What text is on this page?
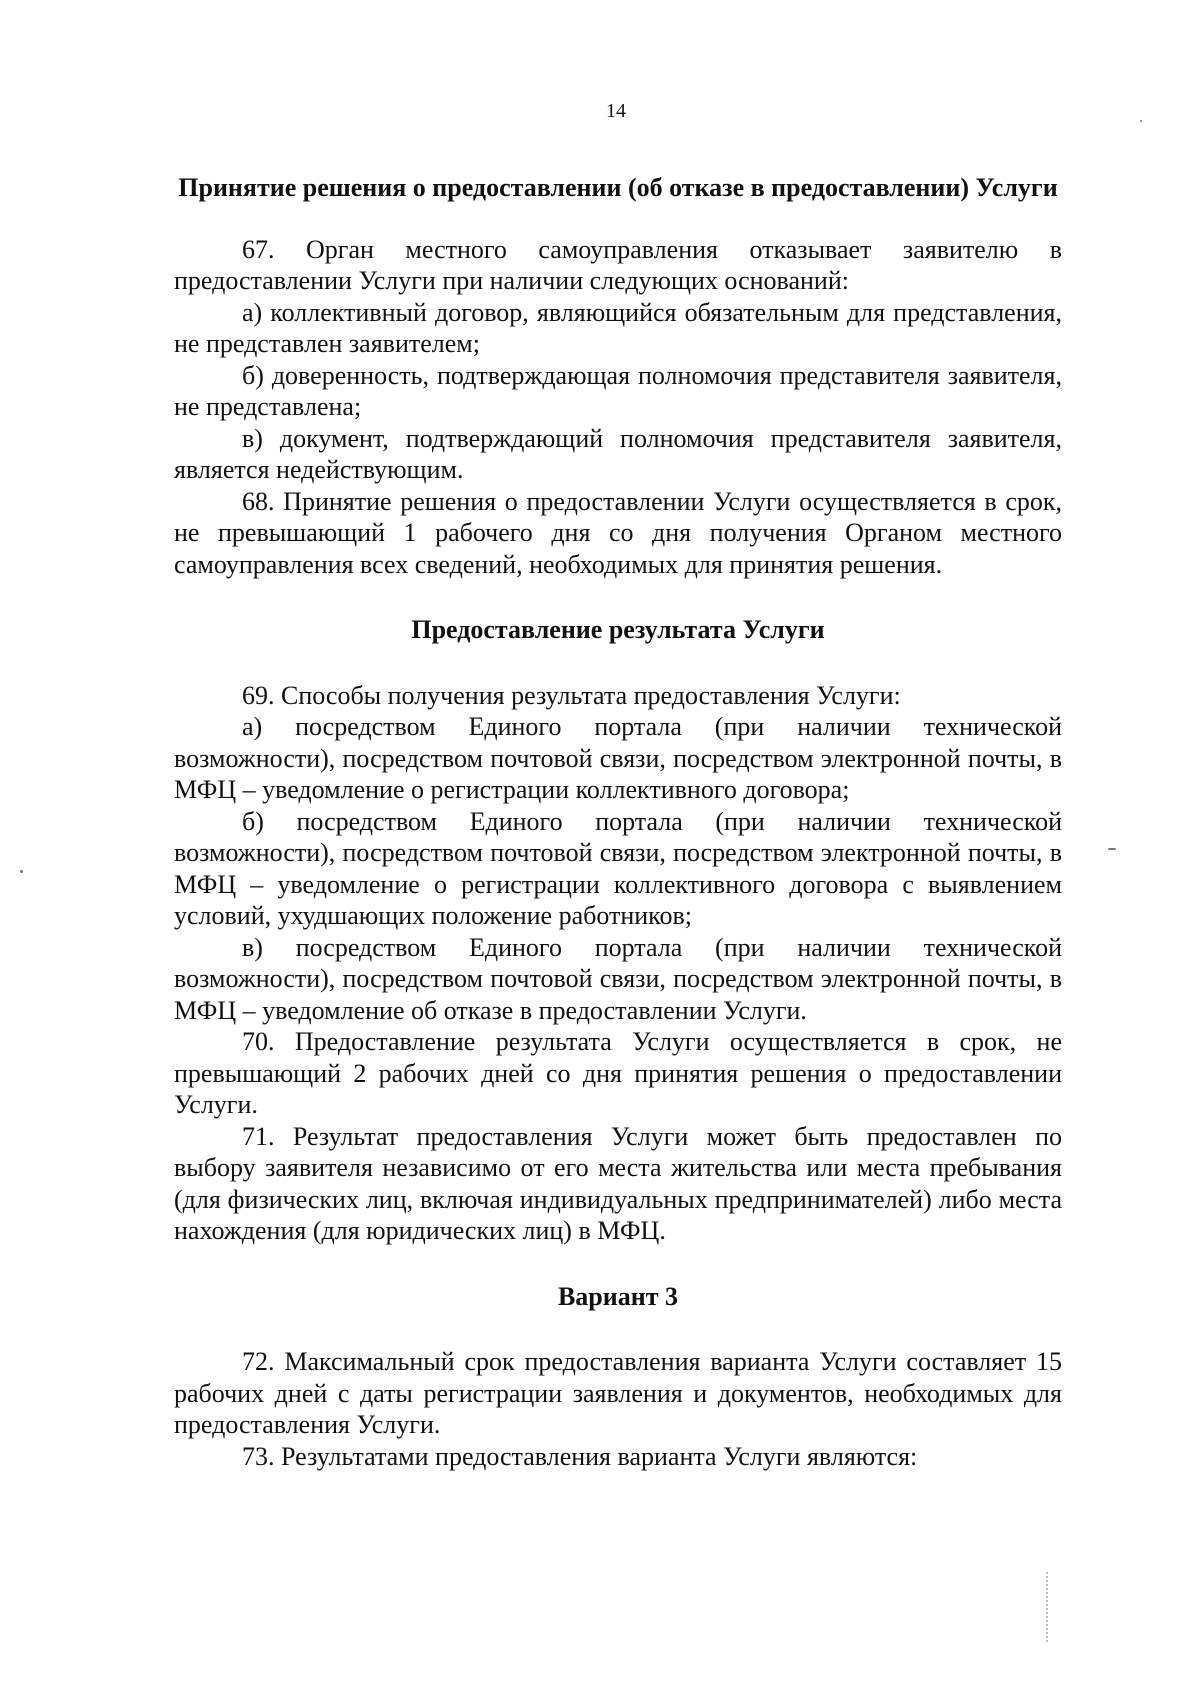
14

Принятие решения о предоставлении (об отказе в предоставлении) Услуги

67. Орган местного самоуправления отказывает заявителю в предоставлении Услуги при наличии следующих оснований:

а) коллективный договор, являющийся обязательным для представления, не представлен заявителем;

б) доверенность, подтверждающая полномочия представителя заявителя, не представлена;

в) документ, подтверждающий полномочия представителя заявителя, является недействующим.

68. Принятие решения о предоставлении Услуги осуществляется в срок, не превышающий 1 рабочего дня со дня получения Органом местного самоуправления всех сведений, необходимых для принятия решения.

Предоставление результата Услуги

69. Способы получения результата предоставления Услуги:

а) посредством Единого портала (при наличии технической возможности), посредством почтовой связи, посредством электронной почты, в МФЦ – уведомление о регистрации коллективного договора;

б) посредством Единого портала (при наличии технической возможности), посредством почтовой связи, посредством электронной почты, в МФЦ – уведомление о регистрации коллективного договора с выявлением условий, ухудшающих положение работников;

в) посредством Единого портала (при наличии технической возможности), посредством почтовой связи, посредством электронной почты, в МФЦ – уведомление об отказе в предоставлении Услуги.

70. Предоставление результата Услуги осуществляется в срок, не превышающий 2 рабочих дней со дня принятия решения о предоставлении Услуги.

71. Результат предоставления Услуги может быть предоставлен по выбору заявителя независимо от его места жительства или места пребывания (для физических лиц, включая индивидуальных предпринимателей) либо места нахождения (для юридических лиц) в МФЦ.

Вариант 3

72. Максимальный срок предоставления варианта Услуги составляет 15 рабочих дней с даты регистрации заявления и документов, необходимых для предоставления Услуги.

73. Результатами предоставления варианта Услуги являются:
